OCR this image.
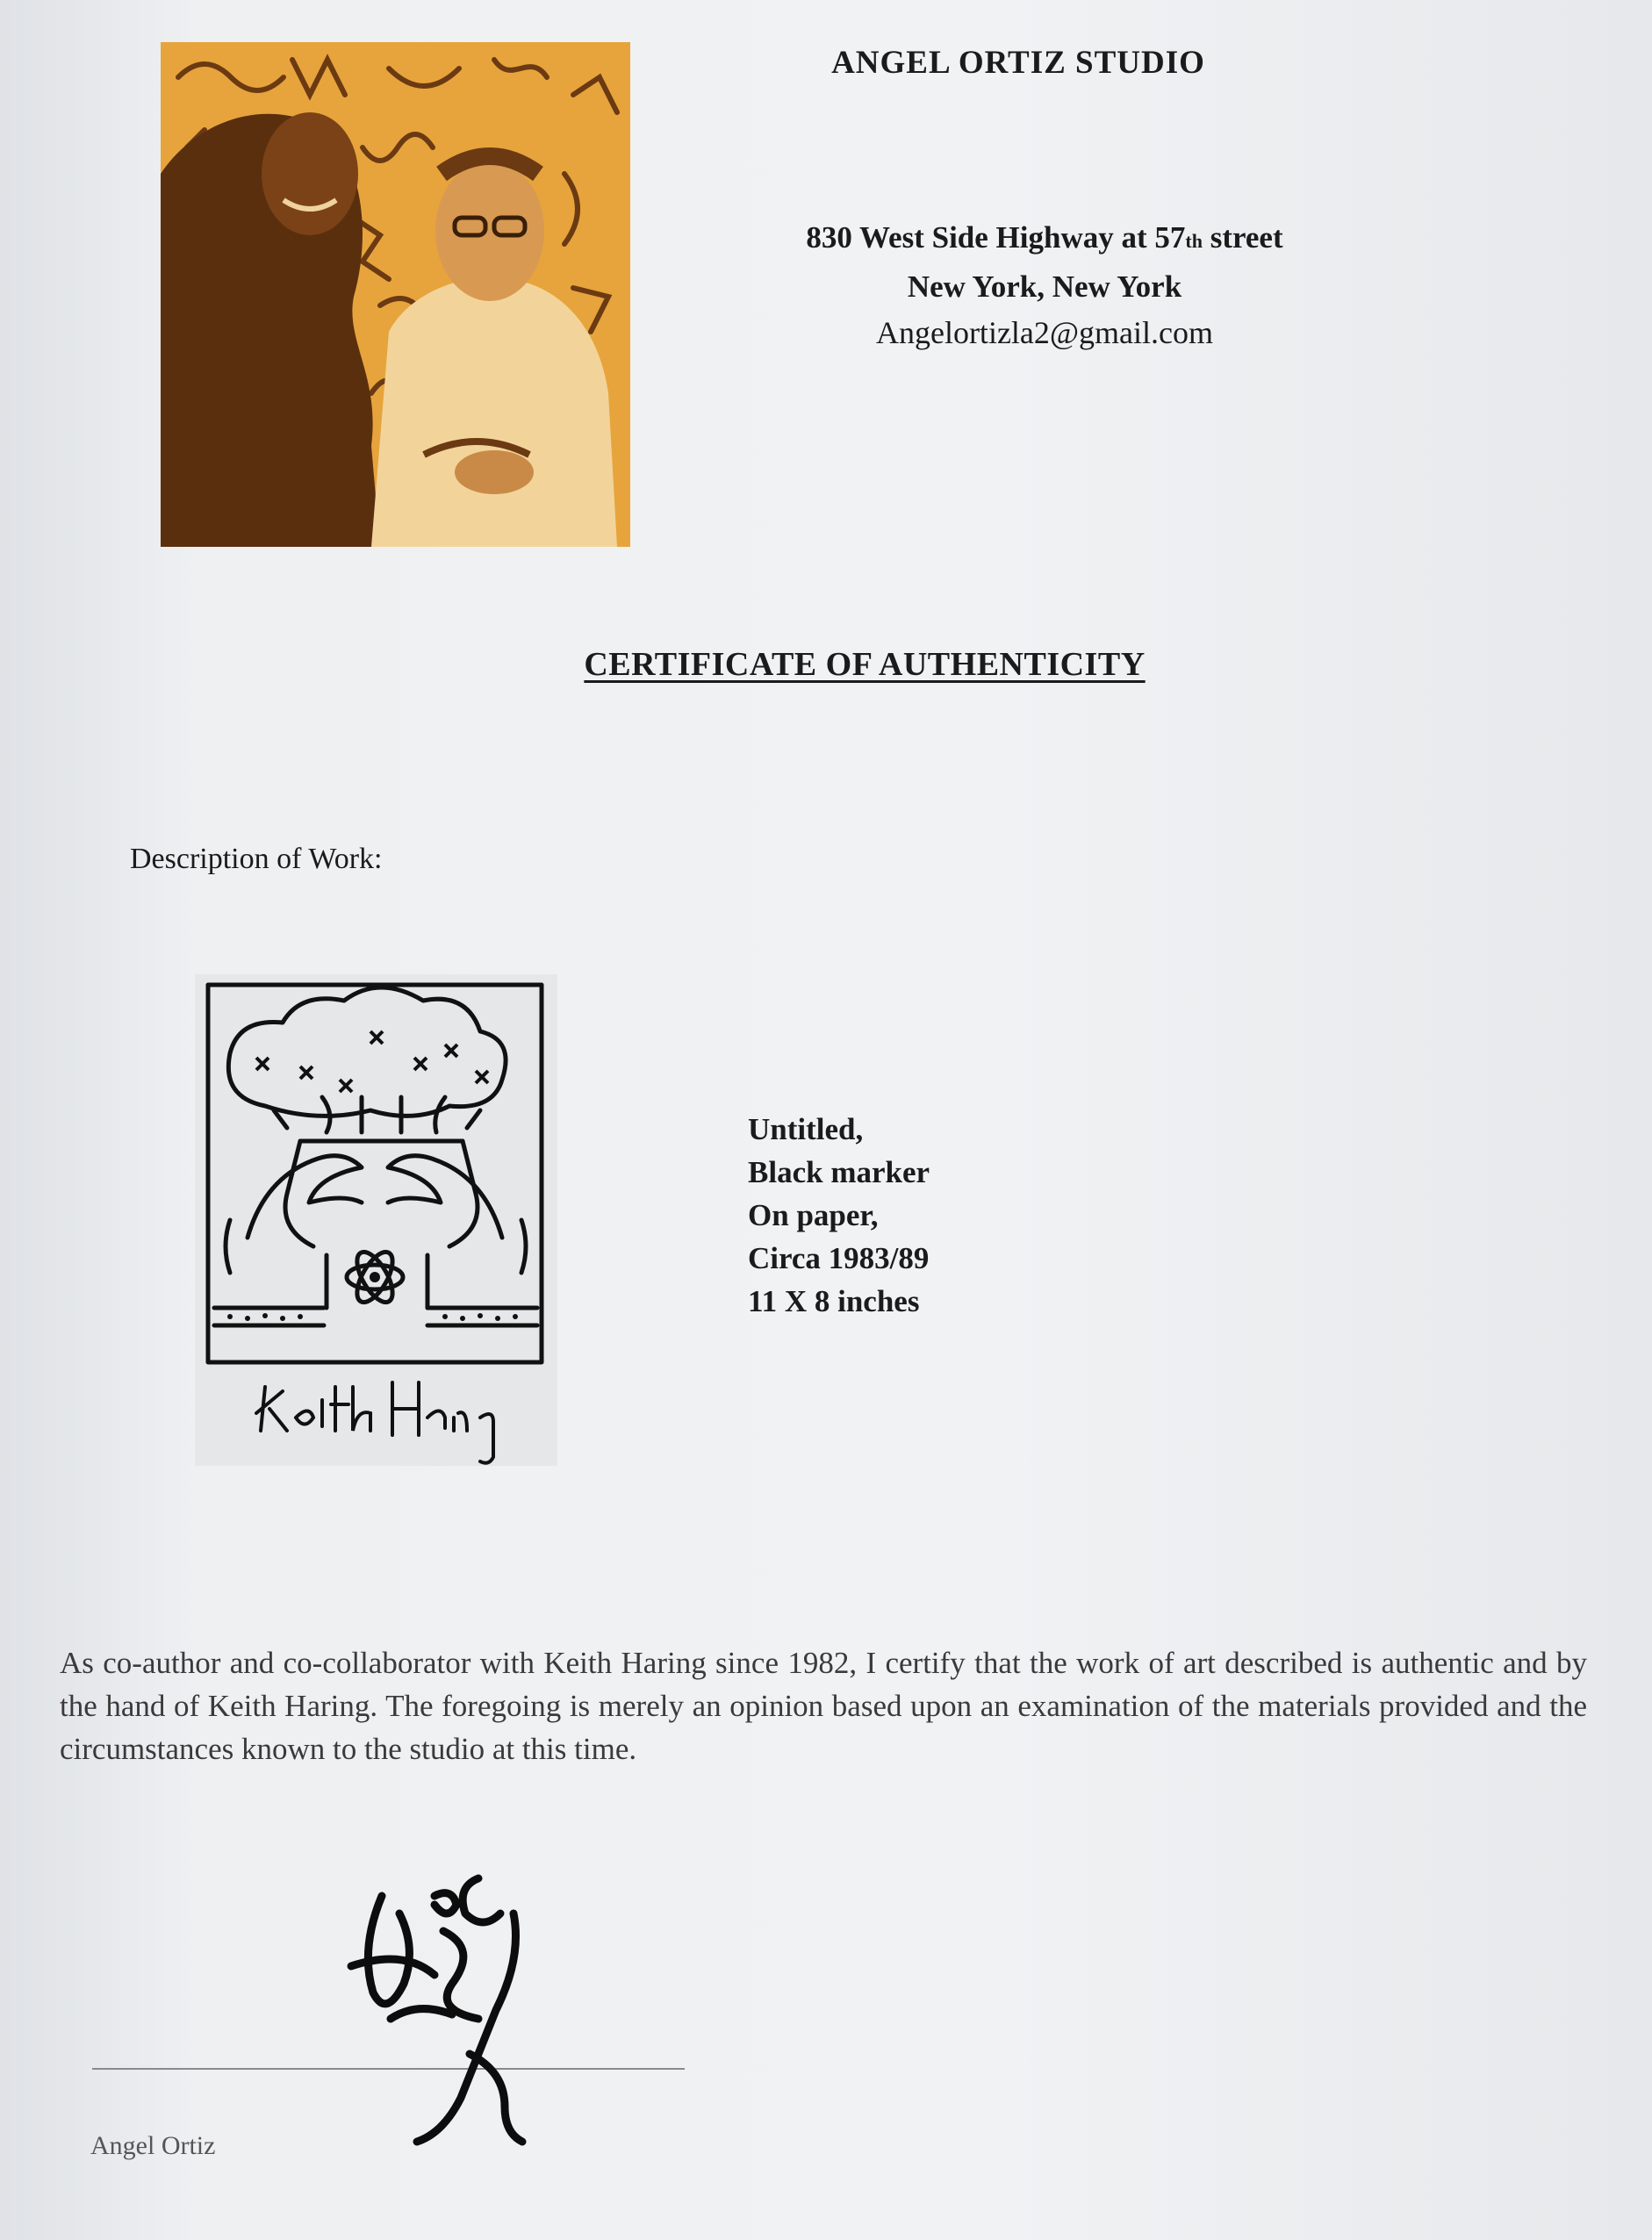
ANGEL ORTIZ STUDIO
830 West Side Highway at 57th street
New York, New York
Angelortizla2@gmail.com
CERTIFICATE OF AUTHENTICITY
Description of Work:
Untitled,
Black marker
On paper,
Circa 1983/89
11 X 8 inches
As co-author and co-collaborator with Keith Haring since 1982, I certify that the work of art described is authentic and by the hand of Keith Haring. The foregoing is merely an opinion based upon an examination of the materials provided and the circumstances known to the studio at this time.
Angel Ortiz
